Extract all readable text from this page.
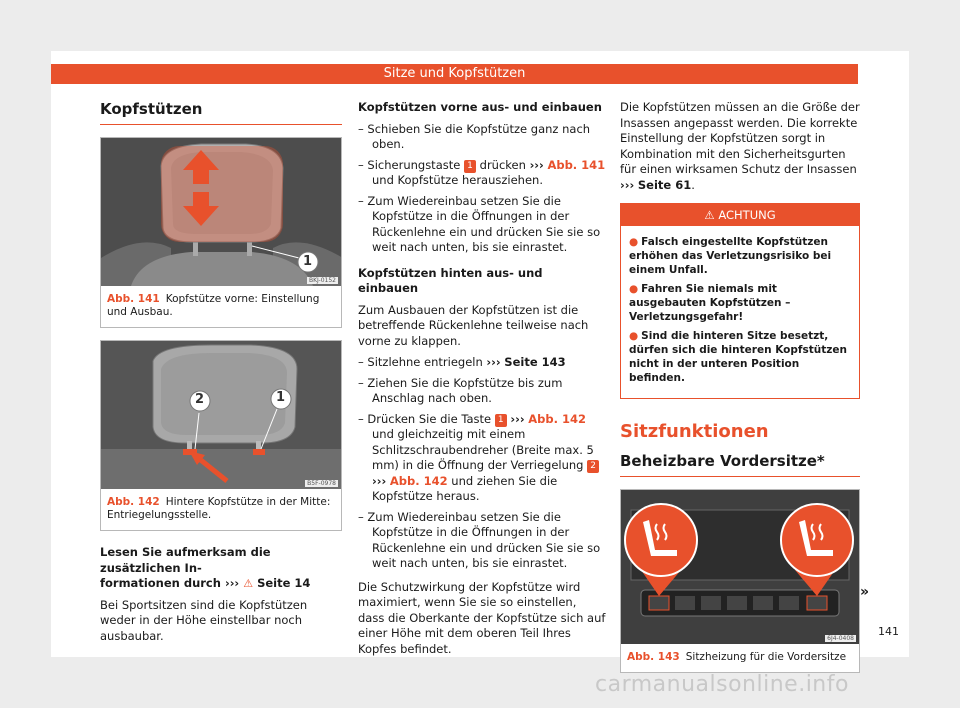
Sitze und Kopfstützen
Kopfstützen
1
BKJ-0152
Abb. 141 Kopfstütze vorne: Einstellung und Ausbau.
2	1
B5F-0978
Abb. 142 Hintere Kopfstütze in der Mitte: Entriegelungsstelle.
Lesen Sie aufmerksam die zusätzlichen In-
formationen durch ››› ⚠ Seite 14

Bei Sportsitzen sind die Kopfstützen weder in der Höhe einstellbar noch ausbaubar.

Kopfstützen vorne aus- und einbauen

– Schieben Sie die Kopfstütze ganz nach oben.
– Sicherungstaste 1 drücken ››› Abb. 141 und Kopfstütze herausziehen.
– Zum Wiedereinbau setzen Sie die Kopfstütze in die Öffnungen in der Rückenlehne ein und drücken Sie sie so weit nach unten, bis sie einrastet.

Kopfstützen hinten aus- und einbauen

Zum Ausbauen der Kopfstützen ist die betreffende Rückenlehne teilweise nach vorne zu klappen.

– Sitzlehne entriegeln ››› Seite 143
– Ziehen Sie die Kopfstütze bis zum Anschlag nach oben.
– Drücken Sie die Taste 1 ››› Abb. 142 und gleichzeitig mit einem Schlitzschraubendreher (Breite max. 5 mm) in die Öffnung der Verriegelung 2 ››› Abb. 142 und ziehen Sie die Kopfstütze heraus.
– Zum Wiedereinbau setzen Sie die Kopfstütze in die Öffnungen in der Rückenlehne ein und drücken Sie sie so weit nach unten, bis sie einrastet.

Die Schutzwirkung der Kopfstütze wird maximiert, wenn Sie sie so einstellen, dass die Oberkante der Kopfstütze sich auf einer Höhe mit dem oberen Teil Ihres Kopfes befindet.

Die Kopfstützen müssen an die Größe der Insassen angepasst werden. Die korrekte Einstellung der Kopfstützen sorgt in Kombination mit den Sicherheitsgurten für einen wirksamen Schutz der Insassen ››› Seite 61.

⚠ ACHTUNG
● Falsch eingestellte Kopfstützen erhöhen das Verletzungsrisiko bei einem Unfall.
● Fahren Sie niemals mit ausgebauten Kopfstützen – Verletzungsgefahr!
● Sind die hinteren Sitze besetzt, dürfen sich die hinteren Kopfstützen nicht in der unteren Position befinden.
Sitzfunktionen
Beheizbare Vordersitze*
6J4-0408
Abb. 143 Sitzheizung für die Vordersitze
»
141
carmanualsonline.info
